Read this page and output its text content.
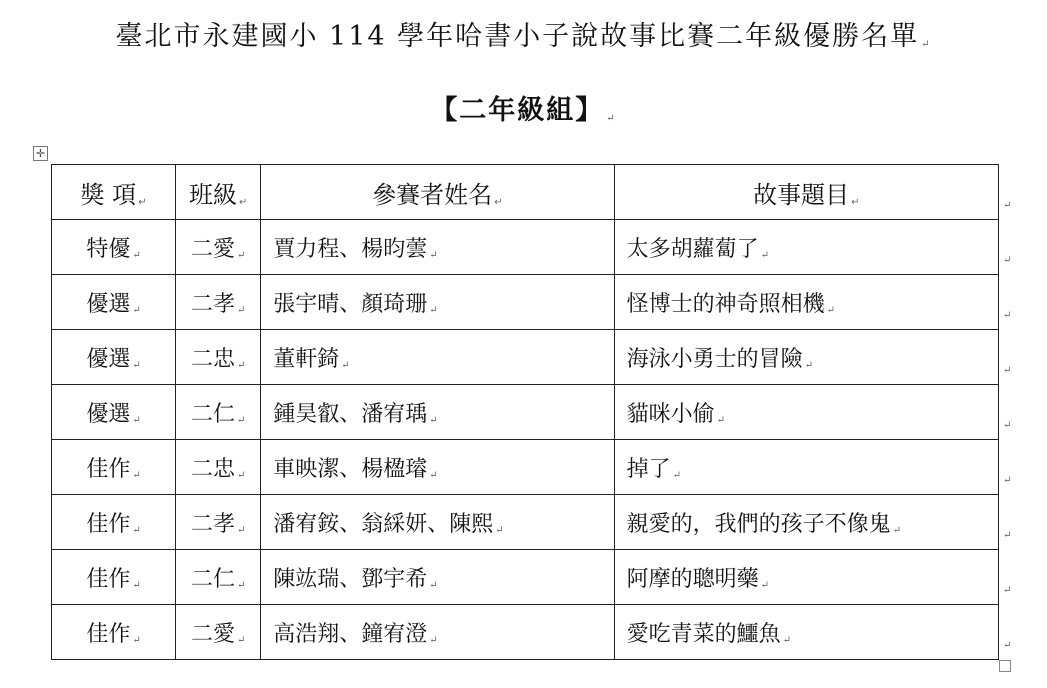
臺北市永建國小 114 學年哈書小子說故事比賽二年級優勝名單 ↵
【二年級組】 ↵
✛
獎 項 ↵	班級 ↵	參賽者姓名 ↵	故事題目 ↵
特優 ↵	二愛 ↵	賈力程、楊昀蕓 ↵	太多胡蘿蔔了 ↵
優選 ↵	二孝 ↵	張宇晴、顏琦珊 ↵	怪博士的神奇照相機 ↵
優選 ↵	二忠 ↵	董軒錡 ↵	海泳小勇士的冒險 ↵
優選 ↵	二仁 ↵	鍾昊叡、潘宥瑀 ↵	貓咪小偷 ↵
佳作 ↵	二忠 ↵	車映潔、楊楹璿 ↵	掉了 ↵
佳作 ↵	二孝 ↵	潘宥銨、翁綵妍、陳熙 ↵	親愛的，我們的孩子不像鬼 ↵
佳作 ↵	二仁 ↵	陳竑瑞、鄧宇希 ↵	阿摩的聰明藥 ↵
佳作 ↵	二愛 ↵	高浩翔、鐘宥澄 ↵	愛吃青菜的鱷魚 ↵
↵
↵
↵
↵
↵
↵
↵
↵
↵
